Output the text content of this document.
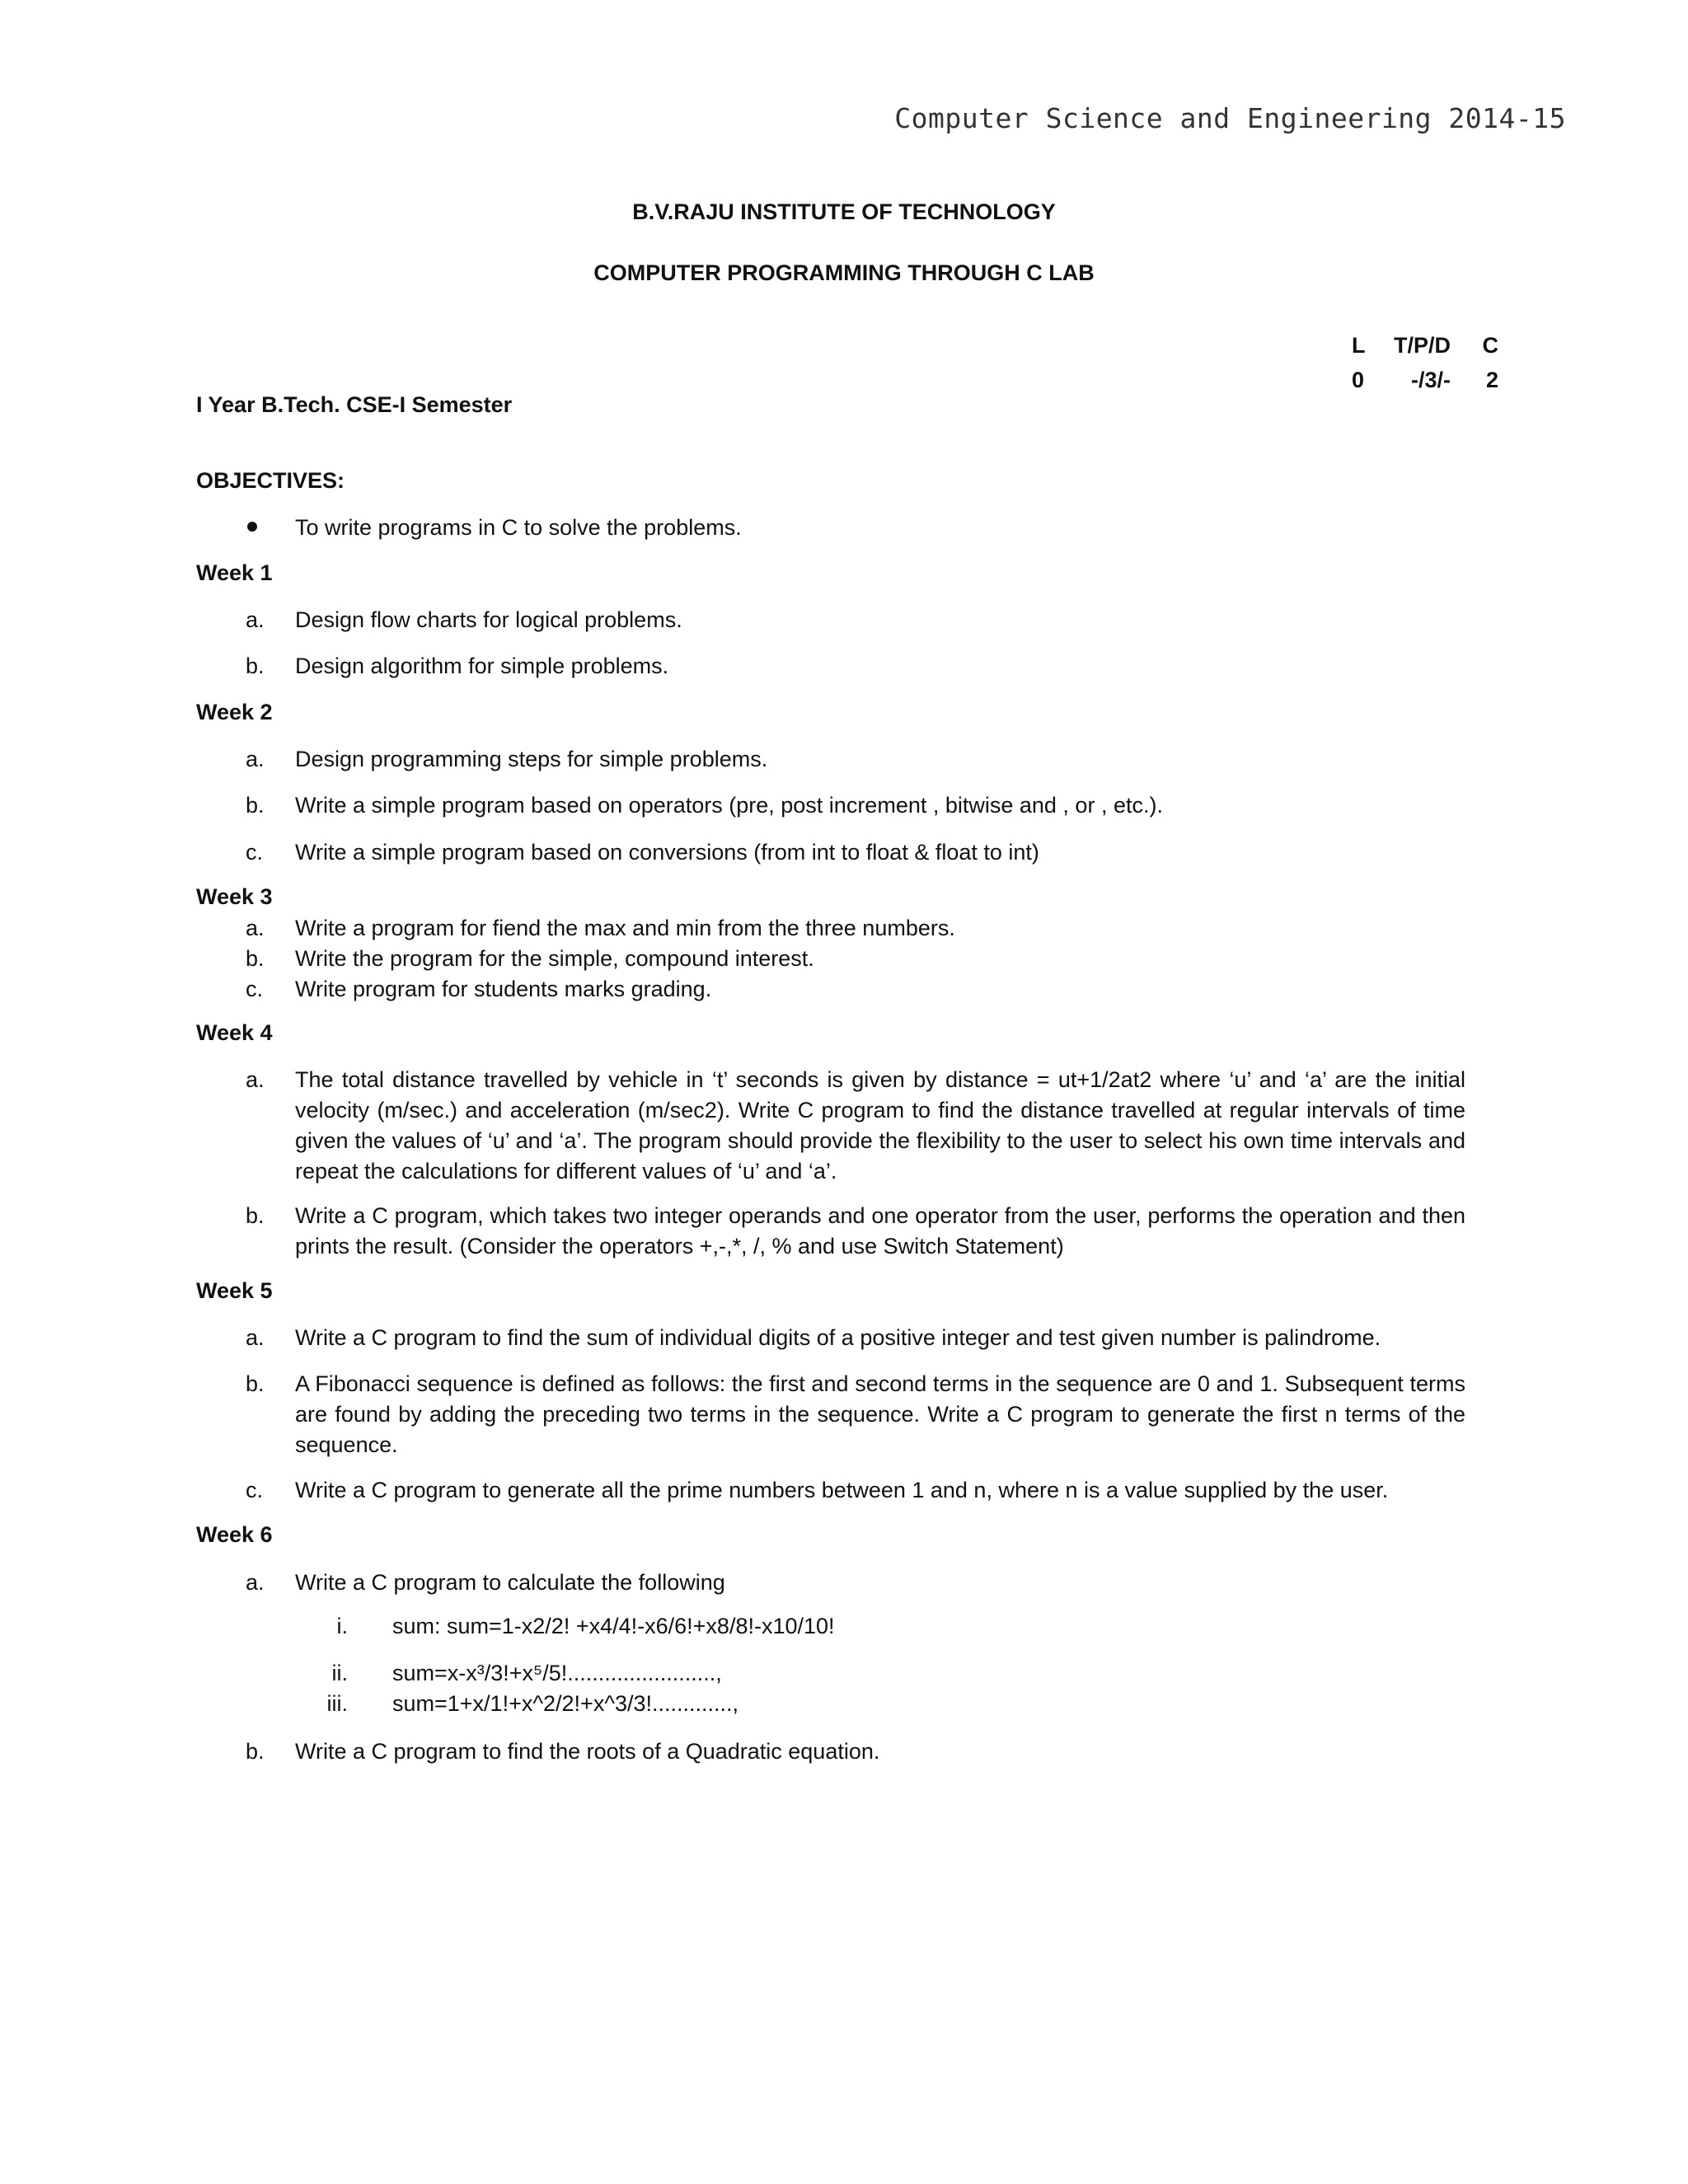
Computer Science and Engineering 2014-15
B.V.RAJU INSTITUTE OF TECHNOLOGY
COMPUTER PROGRAMMING THROUGH C LAB
L	T/P/D	C
0	-/3/-	2
I Year B.Tech. CSE-I Semester
OBJECTIVES:
To write programs in C to solve the problems.
Week 1
a.	Design flow charts for logical problems.
b.	Design algorithm for simple problems.
Week 2
a.	Design programming steps for simple problems.
b.	Write a simple program based on operators (pre, post increment , bitwise and , or , etc.).
c.	Write a simple program based on conversions (from int to float & float to int)
Week 3
a.	Write a program for fiend the max and min from the three numbers.
b.	Write the program for the simple, compound interest.
c.	Write program for students marks grading.
Week 4
a.	The total distance travelled by vehicle in ‘t’ seconds is given by distance = ut+1/2at2 where ‘u’ and ‘a’ are the initial velocity (m/sec.) and acceleration (m/sec2). Write C program to find the distance travelled at regular intervals of time given the values of ‘u’ and ‘a’. The program should provide the flexibility to the user to select his own time intervals and repeat the calculations for different values of ‘u’ and ‘a’.
b.	Write a C program, which takes two integer operands and one operator from the user, performs the operation and then prints the result. (Consider the operators +,-,*, /, % and use Switch Statement)
Week 5
a.	Write a C program to find the sum of individual digits of a positive integer and test given number is palindrome.
b.	A Fibonacci sequence is defined as follows: the first and second terms in the sequence are 0 and 1. Subsequent terms are found by adding the preceding two terms in the sequence. Write a C program to generate the first n terms of the sequence.
c.	Write a C program to generate all the prime numbers between 1 and n, where n is a value supplied by the user.
Week 6
a.	Write a C program to calculate the following
i. sum: sum=1-x2/2! +x4/4!-x6/6!+x8/8!-x10/10!
ii. sum=x-x³/3!+x⁵/5!........................,
iii. sum=1+x/1!+x^2/2!+x^3/3!.............,
b.	Write a C program to find the roots of a Quadratic equation.
